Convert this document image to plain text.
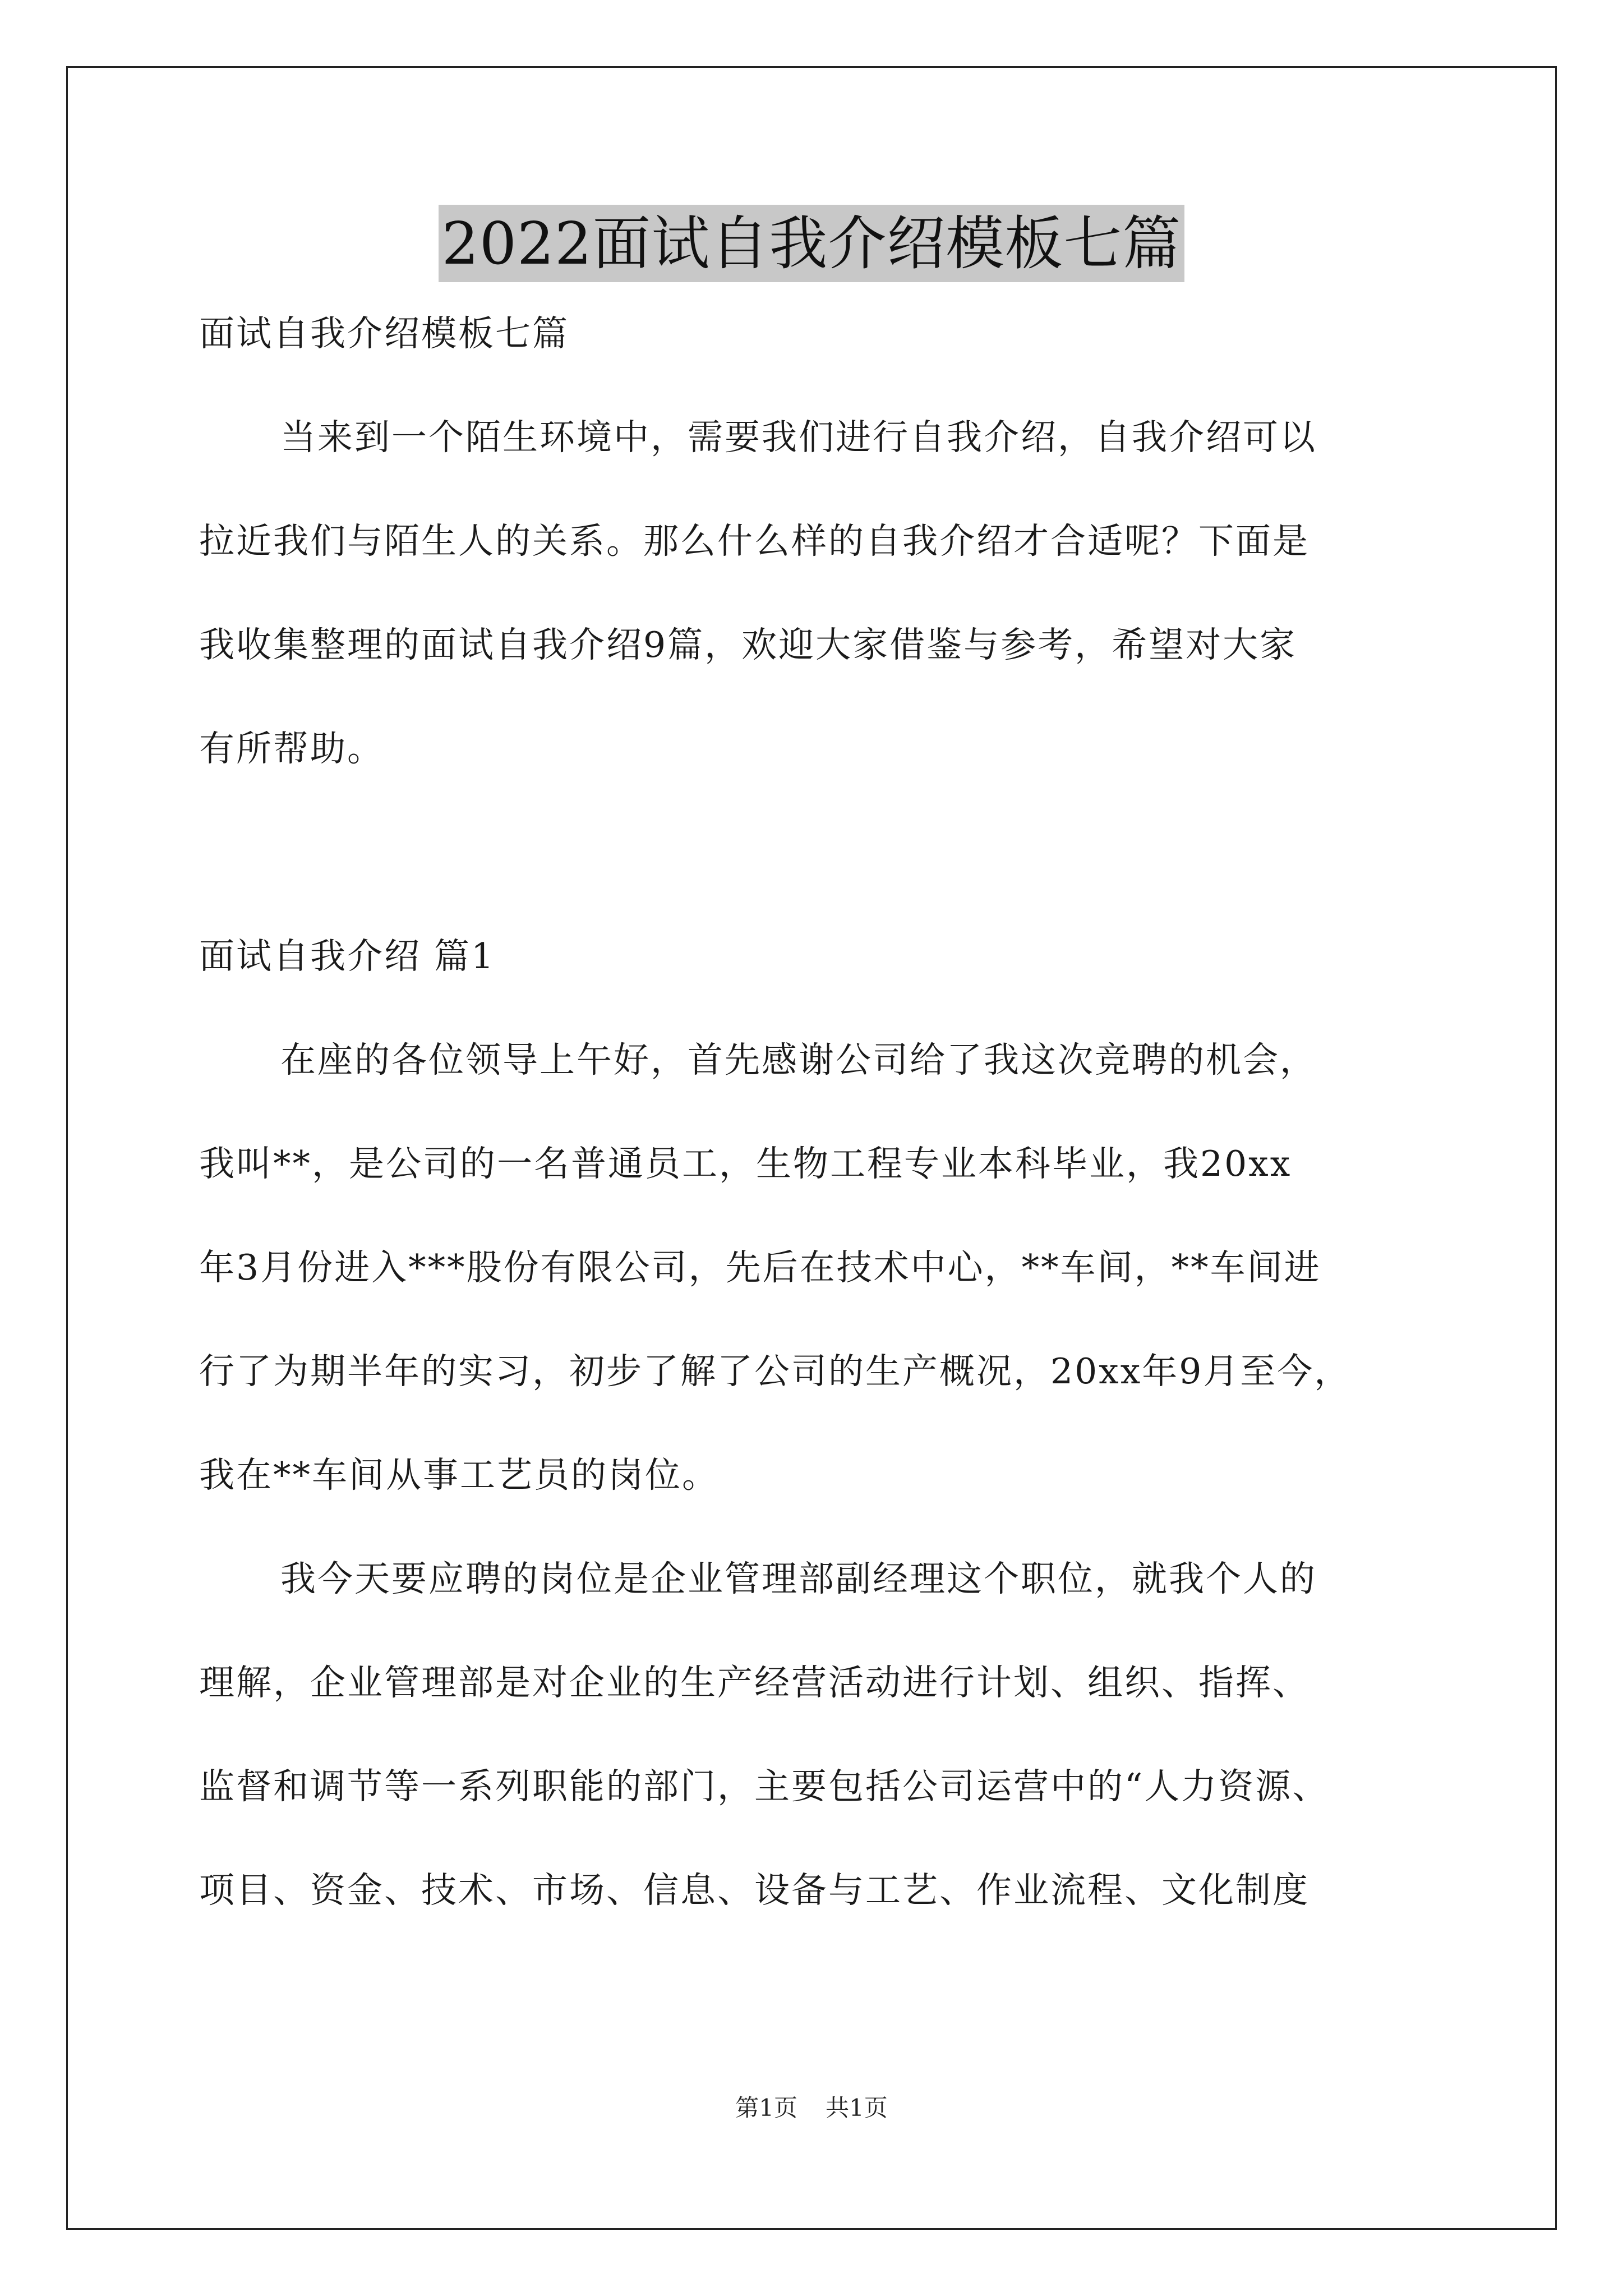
2022面试自我介绍模板七篇
面试自我介绍模板七篇
当来到一个陌生环境中，需要我们进行自我介绍，自我介绍可以
拉近我们与陌生人的关系。那么什么样的自我介绍才合适呢？下面是
我收集整理的面试自我介绍9篇，欢迎大家借鉴与参考，希望对大家
有所帮助。
面试自我介绍 篇1
在座的各位领导上午好，首先感谢公司给了我这次竞聘的机会，
我叫**，是公司的一名普通员工，生物工程专业本科毕业，我20xx
年3月份进入***股份有限公司，先后在技术中心，**车间，**车间进
行了为期半年的实习，初步了解了公司的生产概况，20xx年9月至今，
我在**车间从事工艺员的岗位。
我今天要应聘的岗位是企业管理部副经理这个职位，就我个人的
理解，企业管理部是对企业的生产经营活动进行计划、组织、指挥、
监督和调节等一系列职能的部门，主要包括公司运营中的“人力资源、
项目、资金、技术、市场、信息、设备与工艺、作业流程、文化制度
第1页 共1页
